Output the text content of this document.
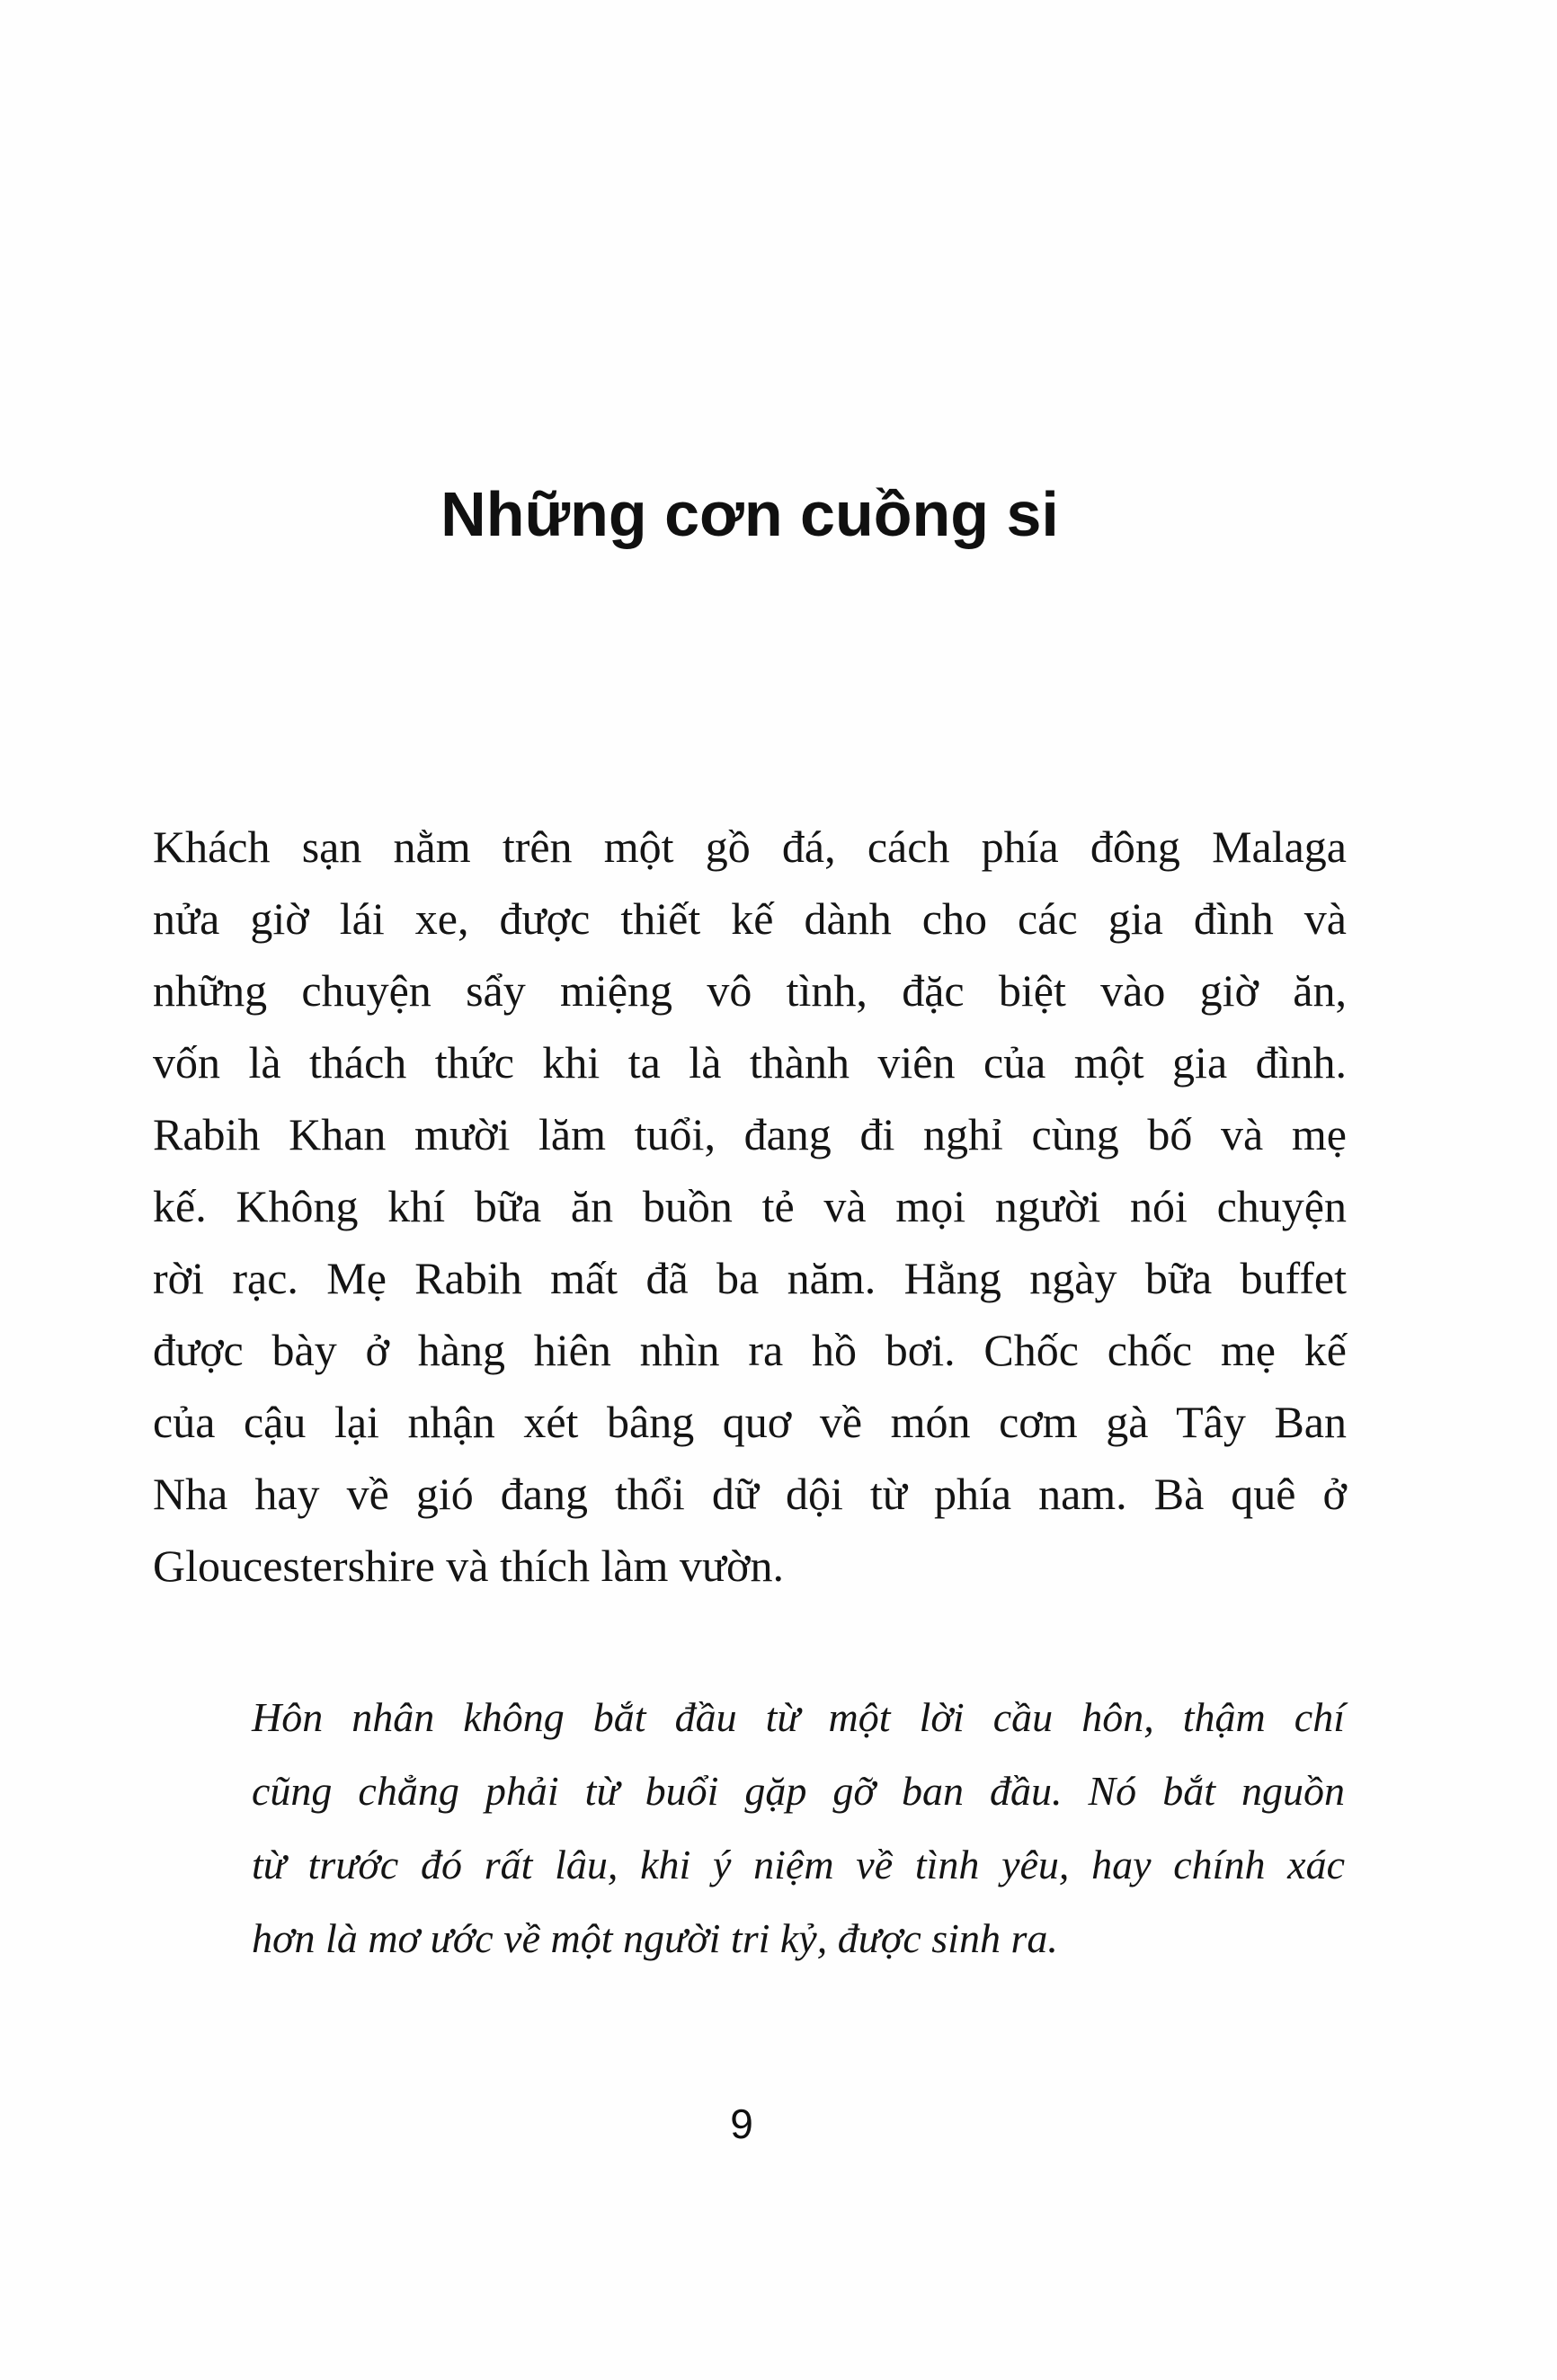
Những cơn cuồng si
Khách sạn nằm trên một gồ đá, cách phía đông Malaga
nửa giờ lái xe, được thiết kế dành cho các gia đình và
những chuyện sẩy miệng vô tình, đặc biệt vào giờ ăn,
vốn là thách thức khi ta là thành viên của một gia đình.
Rabih Khan mười lăm tuổi, đang đi nghỉ cùng bố và mẹ
kế. Không khí bữa ăn buồn tẻ và mọi người nói chuyện
rời rạc. Mẹ Rabih mất đã ba năm. Hằng ngày bữa buffet
được bày ở hàng hiên nhìn ra hồ bơi. Chốc chốc mẹ kế
của cậu lại nhận xét bâng quơ về món cơm gà Tây Ban
Nha hay về gió đang thổi dữ dội từ phía nam. Bà quê ở
Gloucestershire và thích làm vườn.
Hôn nhân không bắt đầu từ một lời cầu hôn, thậm chí
cũng chẳng phải từ buổi gặp gỡ ban đầu. Nó bắt nguồn
từ trước đó rất lâu, khi ý niệm về tình yêu, hay chính xác
hơn là mơ ước về một người tri kỷ, được sinh ra.
9
